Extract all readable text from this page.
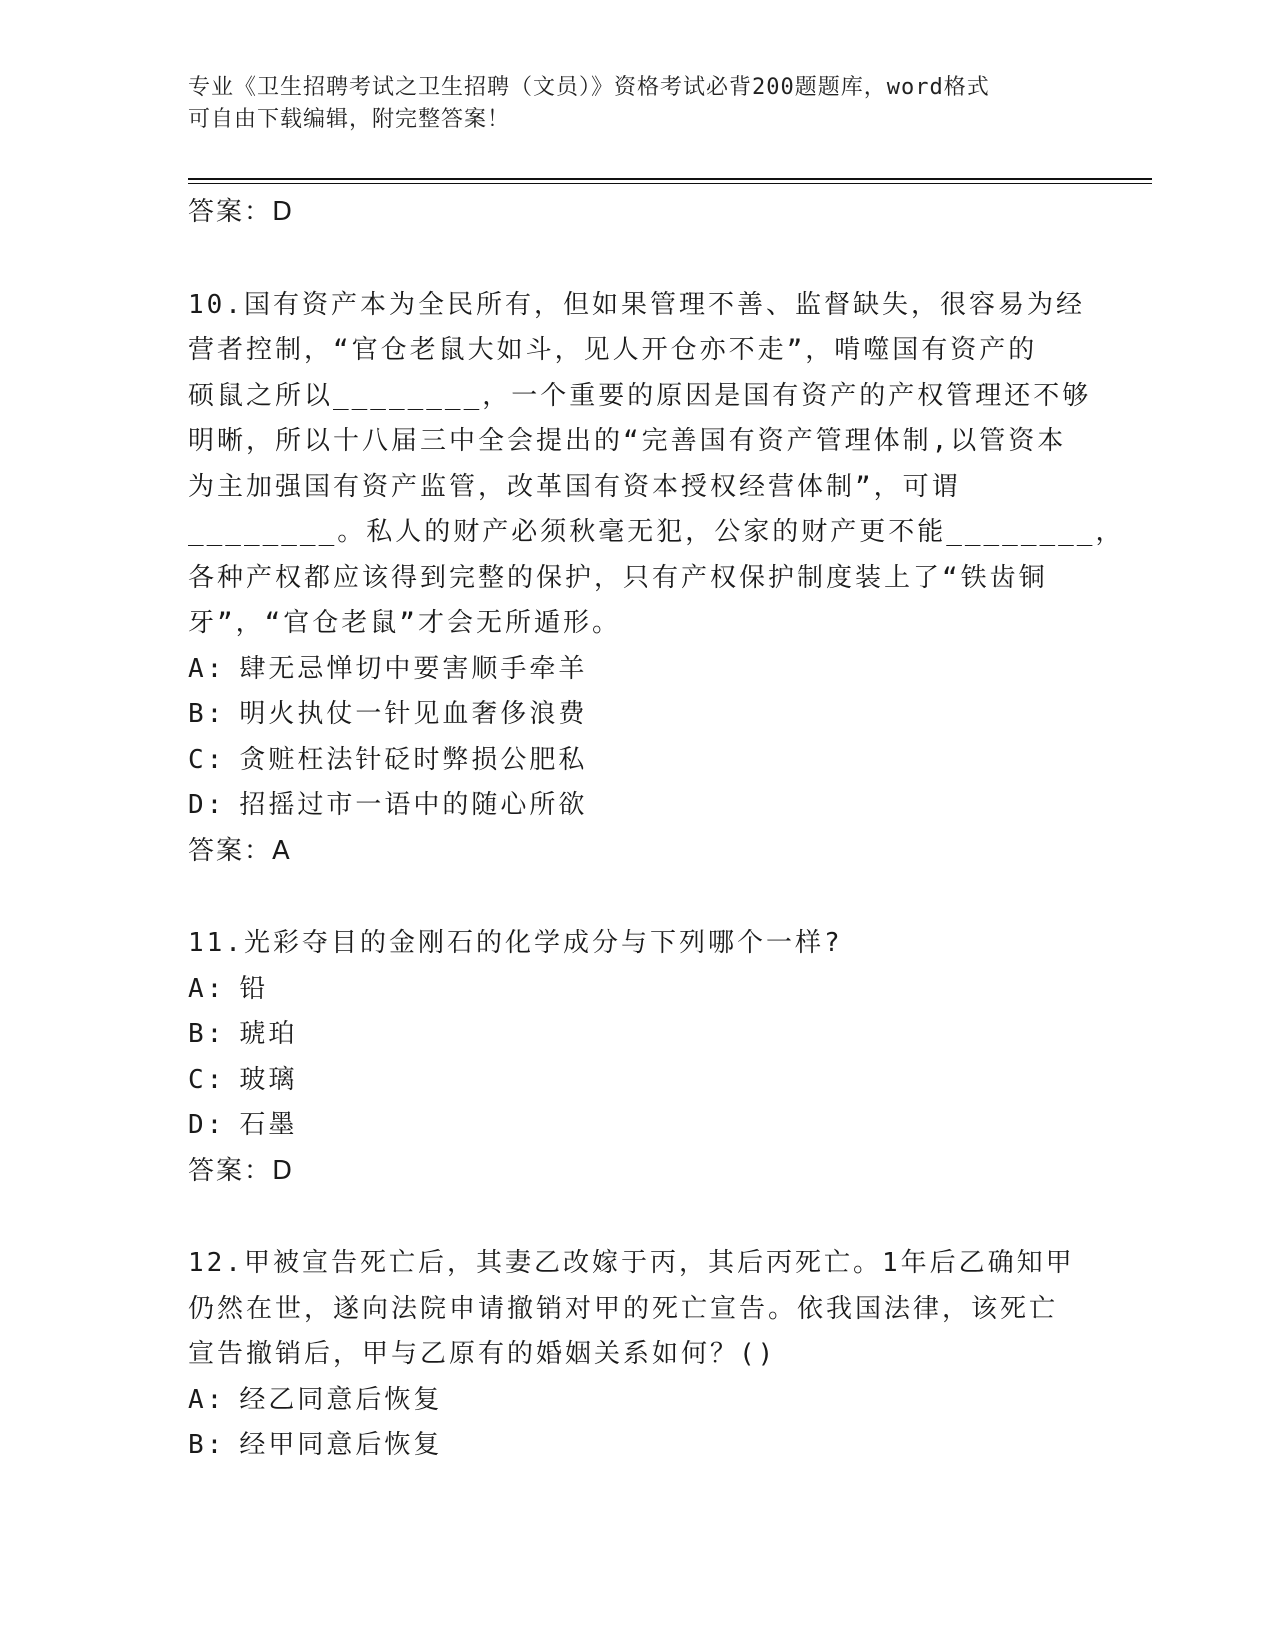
专业《卫生招聘考试之卫生招聘（文员）》资格考试必背200题题库，word格式

可自由下载编辑，附完整答案！

答案：D

10.国有资产本为全民所有，但如果管理不善、监督缺失，很容易为经

营者控制，“官仓老鼠大如斗，见人开仓亦不走”，啃噬国有资产的

硕鼠之所以________，一个重要的原因是国有资产的产权管理还不够

明晰，所以十八届三中全会提出的“完善国有资产管理体制,以管资本

为主加强国有资产监管，改革国有资本授权经营体制”，可谓

________。私人的财产必须秋毫无犯，公家的财产更不能________，

各种产权都应该得到完整的保护，只有产权保护制度装上了“铁齿铜

牙”，“官仓老鼠”才会无所遁形。

A: 肆无忌惮切中要害顺手牵羊

B: 明火执仗一针见血奢侈浪费

C: 贪赃枉法针砭时弊损公肥私

D: 招摇过市一语中的随心所欲

答案：A

11.光彩夺目的金刚石的化学成分与下列哪个一样?

A: 铅

B: 琥珀

C: 玻璃

D: 石墨

答案：D

12.甲被宣告死亡后，其妻乙改嫁于丙，其后丙死亡。1年后乙确知甲

仍然在世，遂向法院申请撤销对甲的死亡宣告。依我国法律，该死亡

宣告撤销后，甲与乙原有的婚姻关系如何？()

A: 经乙同意后恢复

B: 经甲同意后恢复
